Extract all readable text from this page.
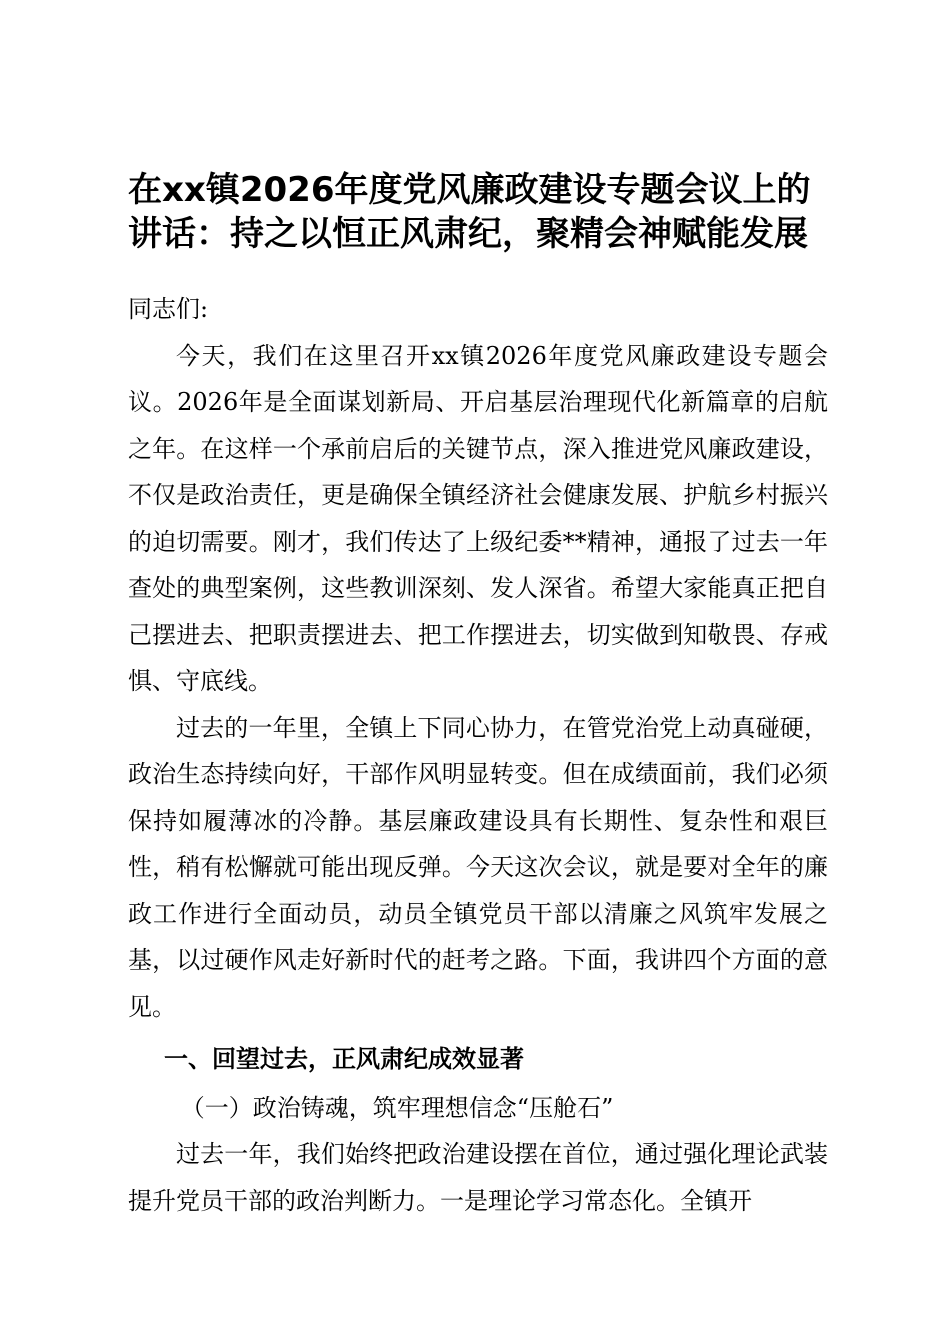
在xx镇2026年度党风廉政建设专题会议上的
讲话：持之以恒正风肃纪，聚精会神赋能发展

同志们:

今天，我们在这里召开xx镇2026年度党风廉政建设专题会议。2026年是全面谋划新局、开启基层治理现代化新篇章的启航之年。在这样一个承前启后的关键节点，深入推进党风廉政建设，不仅是政治责任，更是确保全镇经济社会健康发展、护航乡村振兴的迫切需要。刚才，我们传达了上级纪委**精神，通报了过去一年查处的典型案例，这些教训深刻、发人深省。希望大家能真正把自己摆进去、把职责摆进去、把工作摆进去，切实做到知敬畏、存戒惧、守底线。

过去的一年里，全镇上下同心协力，在管党治党上动真碰硬，政治生态持续向好，干部作风明显转变。但在成绩面前，我们必须保持如履薄冰的冷静。基层廉政建设具有长期性、复杂性和艰巨性，稍有松懈就可能出现反弹。今天这次会议，就是要对全年的廉政工作进行全面动员，动员全镇党员干部以清廉之风筑牢发展之基，以过硬作风走好新时代的赶考之路。下面，我讲四个方面的意见。

一、回望过去，正风肃纪成效显著

（一）政治铸魂，筑牢理想信念“压舱石”

过去一年，我们始终把政治建设摆在首位，通过强化理论武装提升党员干部的政治判断力。一是理论学习常态化。全镇开
